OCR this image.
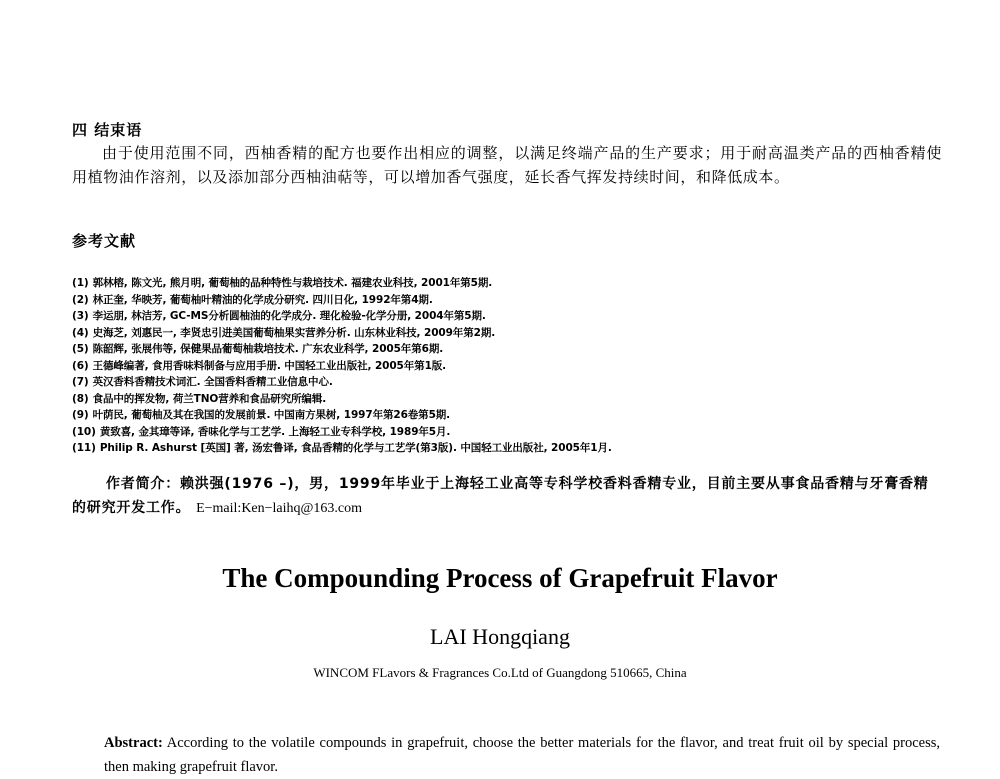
四 结束语
由于使用范围不同，西柚香精的配方也要作出相应的调整，以满足终端产品的生产要求；用于耐高温类产品的西柚香精使用植物油作溶剂，以及添加部分西柚油萜等，可以增加香气强度，延长香气挥发持续时间，和降低成本。
参考文献
(1) 郭林榕, 陈文光, 熊月明, 葡萄柚的品种特性与栽培技术. 福建农业科技, 2001年第5期.
(2) 林正奎, 华映芳, 葡萄柚叶精油的化学成分研究. 四川日化, 1992年第4期.
(3) 李运朋, 林洁芳, GC-MS分析圆柚油的化学成分. 理化检验-化学分册, 2004年第5期.
(4) 史海芝, 刘惠民一, 李贤忠引进美国葡萄柚果实营养分析. 山东林业科技, 2009年第2期.
(5) 陈韶辉, 张展伟等, 保健果品葡萄柚栽培技术. 广东农业科学, 2005年第6期.
(6) 王德峰编著, 食用香味料制备与应用手册. 中国轻工业出版社, 2005年第1版.
(7) 英汉香料香精技术词汇. 全国香料香精工业信息中心.
(8) 食品中的挥发物, 荷兰TNO营养和食品研究所编辑.
(9) 叶荫民, 葡萄柚及其在我国的发展前景. 中国南方果树, 1997年第26卷第5期.
(10) 黄致喜, 金其璋等译, 香味化学与工艺学. 上海轻工业专科学校, 1989年5月.
(11) Philip R. Ashurst [英国] 著, 汤宏鲁译, 食品香精的化学与工艺学(第3版). 中国轻工业出版社, 2005年1月.
作者简介：赖洪强(1976 –)，男，1999年毕业于上海轻工业高等专科学校香料香精专业，目前主要从事食品香精与牙膏香精的研究开发工作。 E−mail:Ken−laihq@163.com
The Compounding Process of Grapefruit Flavor
LAI Hongqiang
WINCOM FLavors & Fragrances Co.Ltd of Guangdong 510665, China
Abstract: According to the volatile compounds in grapefruit, choose the better materials for the flavor, and treat fruit oil by special process, then making grapefruit flavor.
